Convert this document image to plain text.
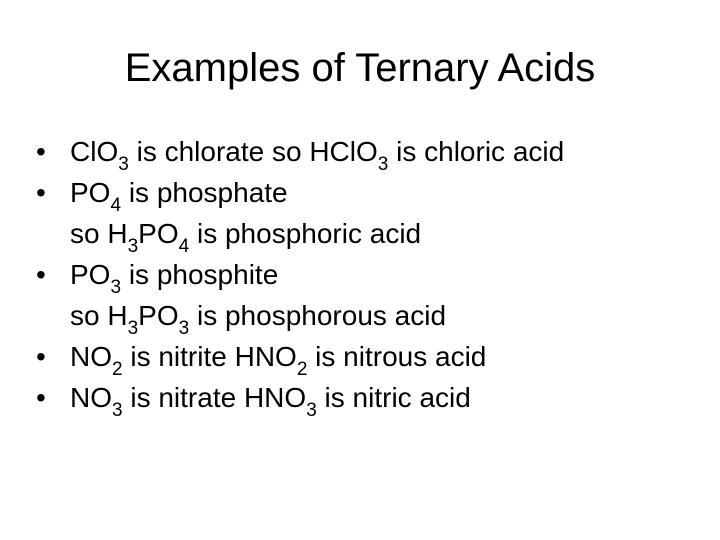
Examples of Ternary Acids
• ClO$_3$ is chlorate so HClO$_3$ is chloric acid
• $PO_4$ is phosphate
so $H_3PO_4$ is phosphoric acid
• $PO_3$ is phosphite
so $H_3PO_3$ is phosphorous acid
• $NO_2$ is nitrite $HNO_2$ is nitrous acid
• $NO_3$ is nitrate $HNO_3$ is nitric acid
